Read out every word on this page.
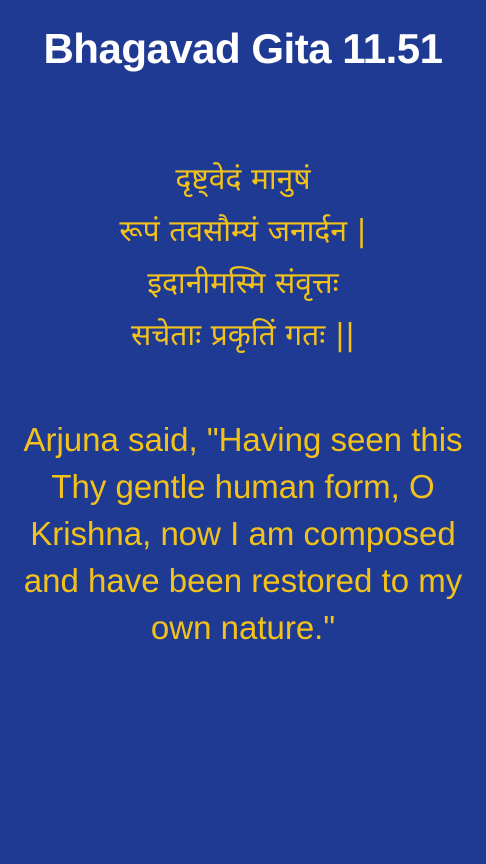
Bhagavad Gita 11.51
दृष्ट्वेदं मानुषं
रूपं तवसौम्यं जनार्दन |
इदानीमस्मि संवृत्तः
सचेताः प्रकृतिं गतः ||

Arjuna said, "Having seen this Thy gentle human form, O Krishna, now I am composed and have been restored to my own nature."
